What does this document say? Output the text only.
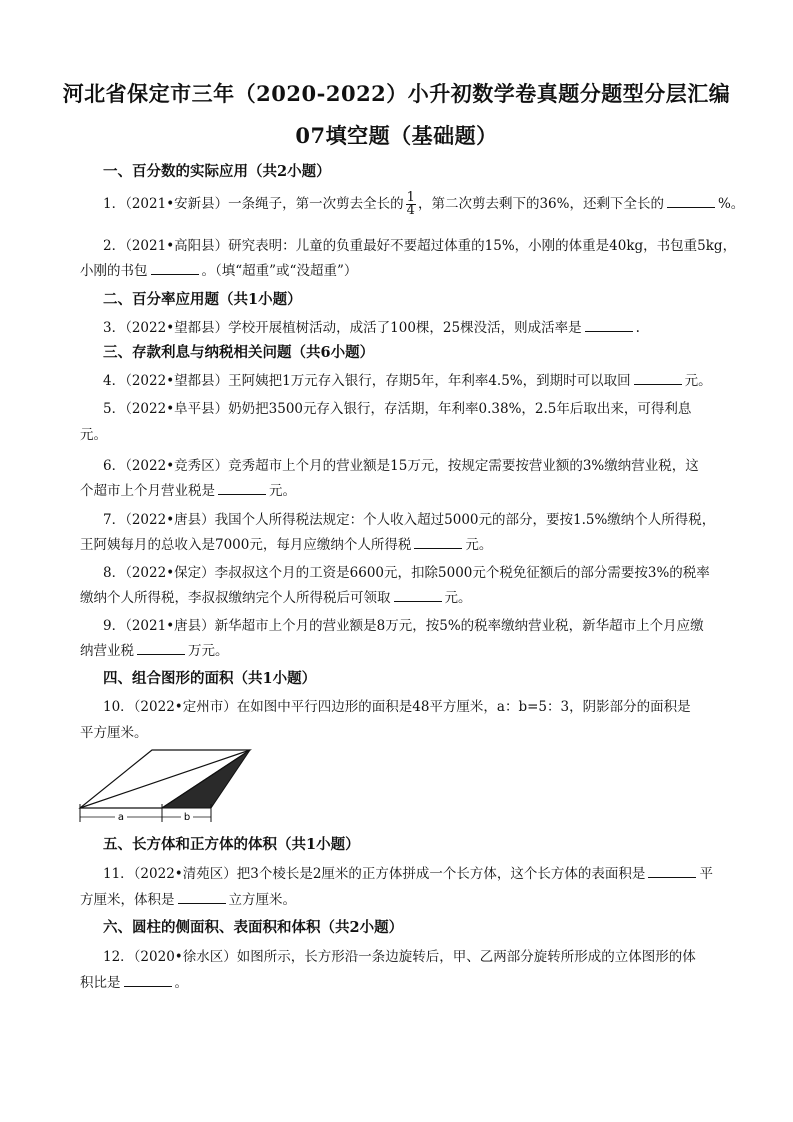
河北省保定市三年（2020-2022）小升初数学卷真题分题型分层汇编
07填空题（基础题）
一、百分数的实际应用（共2小题）
1．（2021•安新县）一条绳子，第一次剪去全长的 $\frac{1}{4}$ ，第二次剪去剩下的36%，还剩下全长的	%。
2．（2021•高阳县）研究表明：儿童的负重最好不要超过体重的15%，小刚的体重是40kg，书包重5kg，
小刚的书包	。（填“超重”或“没超重”）
二、百分率应用题（共1小题）
3．（2022•望都县）学校开展植树活动，成活了100棵，25棵没活，则成活率是	.
三、存款利息与纳税相关问题（共6小题）
4．（2022•望都县）王阿姨把1万元存入银行，存期5年，年利率4.5%，到期时可以取回	元。
5．（2022•阜平县）奶奶把3500元存入银行，存活期，年利率0.38%，2.5年后取出来，可得利息
元。
6．（2022•竞秀区）竞秀超市上个月的营业额是15万元，按规定需要按营业额的3%缴纳营业税，这
个超市上个月营业税是	元。
7．（2022•唐县）我国个人所得税法规定：个人收入超过5000元的部分，要按1.5%缴纳个人所得税，
王阿姨每月的总收入是7000元，每月应缴纳个人所得税	元。
8．（2022•保定）李叔叔这个月的工资是6600元，扣除5000元个税免征额后的部分需要按3%的税率
缴纳个人所得税，李叔叔缴纳完个人所得税后可领取	元。
9．（2021•唐县）新华超市上个月的营业额是8万元，按5%的税率缴纳营业税，新华超市上个月应缴
纳营业税	万元。
四、组合图形的面积（共1小题）
10．（2022•定州市）在如图中平行四边形的面积是48平方厘米，a：b=5：3，阴影部分的面积是
平方厘米。
a	b
五、长方体和正方体的体积（共1小题）
11．（2022•清苑区）把3个棱长是2厘米的正方体拼成一个长方体，这个长方体的表面积是	平
方厘米，体积是	立方厘米。
六、圆柱的侧面积、表面积和体积（共2小题）
12．（2020•徐水区）如图所示，长方形沿一条边旋转后，甲、乙两部分旋转所形成的立体图形的体
积比是	。
